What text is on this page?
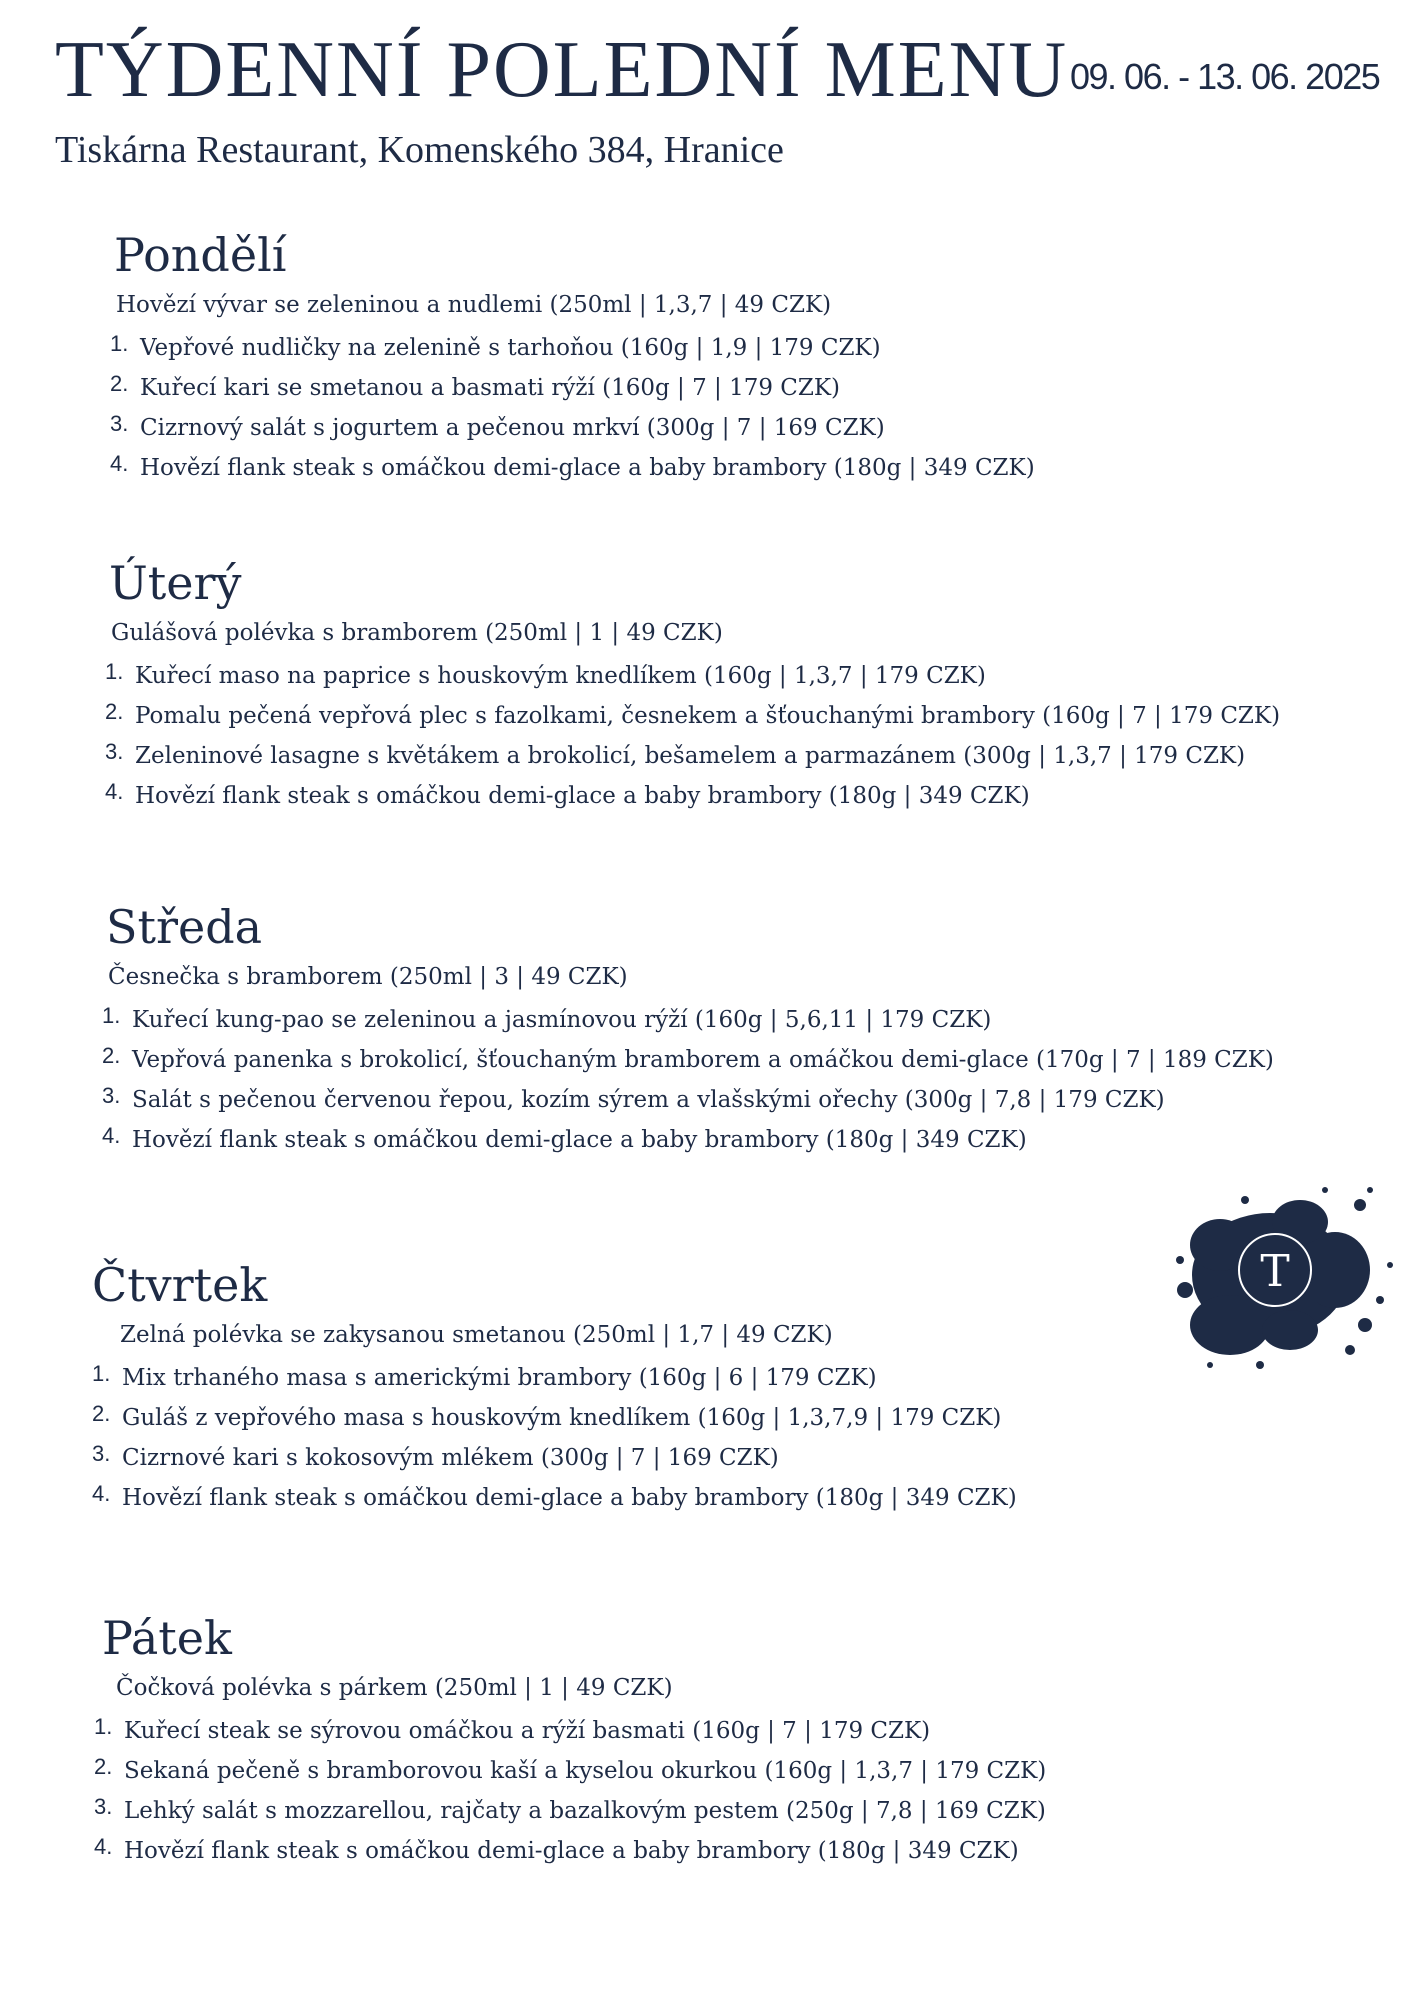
TÝDENNÍ POLEDNÍ MENU 09. 06. - 13. 06. 2025
Tiskárna Restaurant, Komenského 384, Hranice
Pondělí
Hovězí vývar se zeleninou a nudlemi (250ml | 1,3,7 | 49 CZK)
1. Vepřové nudličky na zelenině s tarhoňou (160g | 1,9 | 179 CZK)
2. Kuřecí kari se smetanou a basmati rýží (160g | 7 | 179 CZK)
3. Cizrnový salát s jogurtem a pečenou mrkví (300g | 7 | 169 CZK)
4. Hovězí flank steak s omáčkou demi-glace a baby brambory (180g | 349 CZK)
Úterý
Gulášová polévka s bramborem (250ml | 1 | 49 CZK)
1. Kuřecí maso na paprice s houskovým knedlíkem (160g | 1,3,7 | 179 CZK)
2. Pomalu pečená vepřová plec s fazolkami, česnekem a šťouchanými brambory (160g | 7 | 179 CZK)
3. Zeleninové lasagne s květákem a brokolicí, bešamelem a parmazánem (300g | 1,3,7 | 179 CZK)
4. Hovězí flank steak s omáčkou demi-glace a baby brambory (180g | 349 CZK)
Středa
Česnečka s bramborem (250ml | 3 | 49 CZK)
1. Kuřecí kung-pao se zeleninou a jasmínovou rýží (160g | 5,6,11 | 179 CZK)
2. Vepřová panenka s brokolicí, šťouchaným bramborem a omáčkou demi-glace (170g | 7 | 189 CZK)
3. Salát s pečenou červenou řepou, kozím sýrem a vlašskými ořechy (300g | 7,8 | 179 CZK)
4. Hovězí flank steak s omáčkou demi-glace a baby brambory (180g | 349 CZK)
Čtvrtek
Zelná polévka se zakysanou smetanou (250ml | 1,7 | 49 CZK)
1. Mix trhaného masa s americkými brambory (160g | 6 | 179 CZK)
2. Guláš z vepřového masa s houskovým knedlíkem (160g | 1,3,7,9 | 179 CZK)
3. Cizrnové kari s kokosovým mlékem (300g | 7 | 169 CZK)
4. Hovězí flank steak s omáčkou demi-glace a baby brambory (180g | 349 CZK)
Pátek
Čočková polévka s párkem (250ml | 1 | 49 CZK)
1. Kuřecí steak se sýrovou omáčkou a rýží basmati (160g | 7 | 179 CZK)
2. Sekaná pečeně s bramborovou kaší a kyselou okurkou (160g | 1,3,7 | 179 CZK)
3. Lehký salát s mozzarellou, rajčaty a bazalkovým pestem (250g | 7,8 | 169 CZK)
4. Hovězí flank steak s omáčkou demi-glace a baby brambory (180g | 349 CZK)
T
